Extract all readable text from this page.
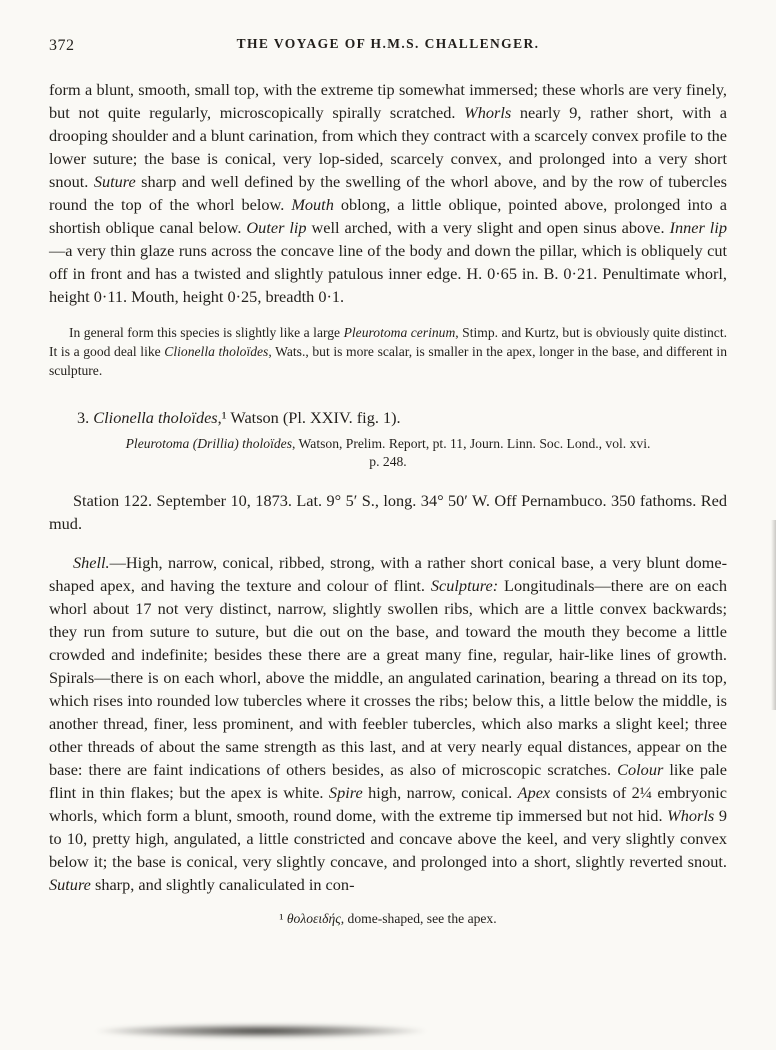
372	THE VOYAGE OF H.M.S. CHALLENGER.

form a blunt, smooth, small top, with the extreme tip somewhat immersed; these whorls are very finely, but not quite regularly, microscopically spirally scratched. Whorls nearly 9, rather short, with a drooping shoulder and a blunt carination, from which they contract with a scarcely convex profile to the lower suture; the base is conical, very lop-sided, scarcely convex, and prolonged into a very short snout. Suture sharp and well defined by the swelling of the whorl above, and by the row of tubercles round the top of the whorl below. Mouth oblong, a little oblique, pointed above, prolonged into a shortish oblique canal below. Outer lip well arched, with a very slight and open sinus above. Inner lip—a very thin glaze runs across the concave line of the body and down the pillar, which is obliquely cut off in front and has a twisted and slightly patulous inner edge. H. 0·65 in. B. 0·21. Penultimate whorl, height 0·11. Mouth, height 0·25, breadth 0·1.

In general form this species is slightly like a large Pleurotoma cerinum, Stimp. and Kurtz, but is obviously quite distinct. It is a good deal like Clionella tholoïdes, Wats., but is more scalar, is smaller in the apex, longer in the base, and different in sculpture.

3. Clionella tholoïdes,¹ Watson (Pl. XXIV. fig. 1).

Pleurotoma (Drillia) tholoïdes, Watson, Prelim. Report, pt. 11, Journ. Linn. Soc. Lond., vol. xvi.

p. 248.

Station 122. September 10, 1873. Lat. 9° 5′ S., long. 34° 50′ W. Off Pernambuco. 350 fathoms. Red mud.

Shell.—High, narrow, conical, ribbed, strong, with a rather short conical base, a very blunt dome-shaped apex, and having the texture and colour of flint. Sculpture: Longitudinals—there are on each whorl about 17 not very distinct, narrow, slightly swollen ribs, which are a little convex backwards; they run from suture to suture, but die out on the base, and toward the mouth they become a little crowded and indefinite; besides these there are a great many fine, regular, hair-like lines of growth. Spirals—there is on each whorl, above the middle, an angulated carination, bearing a thread on its top, which rises into rounded low tubercles where it crosses the ribs; below this, a little below the middle, is another thread, finer, less prominent, and with feebler tubercles, which also marks a slight keel; three other threads of about the same strength as this last, and at very nearly equal distances, appear on the base: there are faint indications of others besides, as also of microscopic scratches. Colour like pale flint in thin flakes; but the apex is white. Spire high, narrow, conical. Apex consists of 2¼ embryonic whorls, which form a blunt, smooth, round dome, with the extreme tip immersed but not hid. Whorls 9 to 10, pretty high, angulated, a little constricted and concave above the keel, and very slightly convex below it; the base is conical, very slightly concave, and prolonged into a short, slightly reverted snout. Suture sharp, and slightly canaliculated in con-

¹ θολοειδής, dome-shaped, see the apex.
